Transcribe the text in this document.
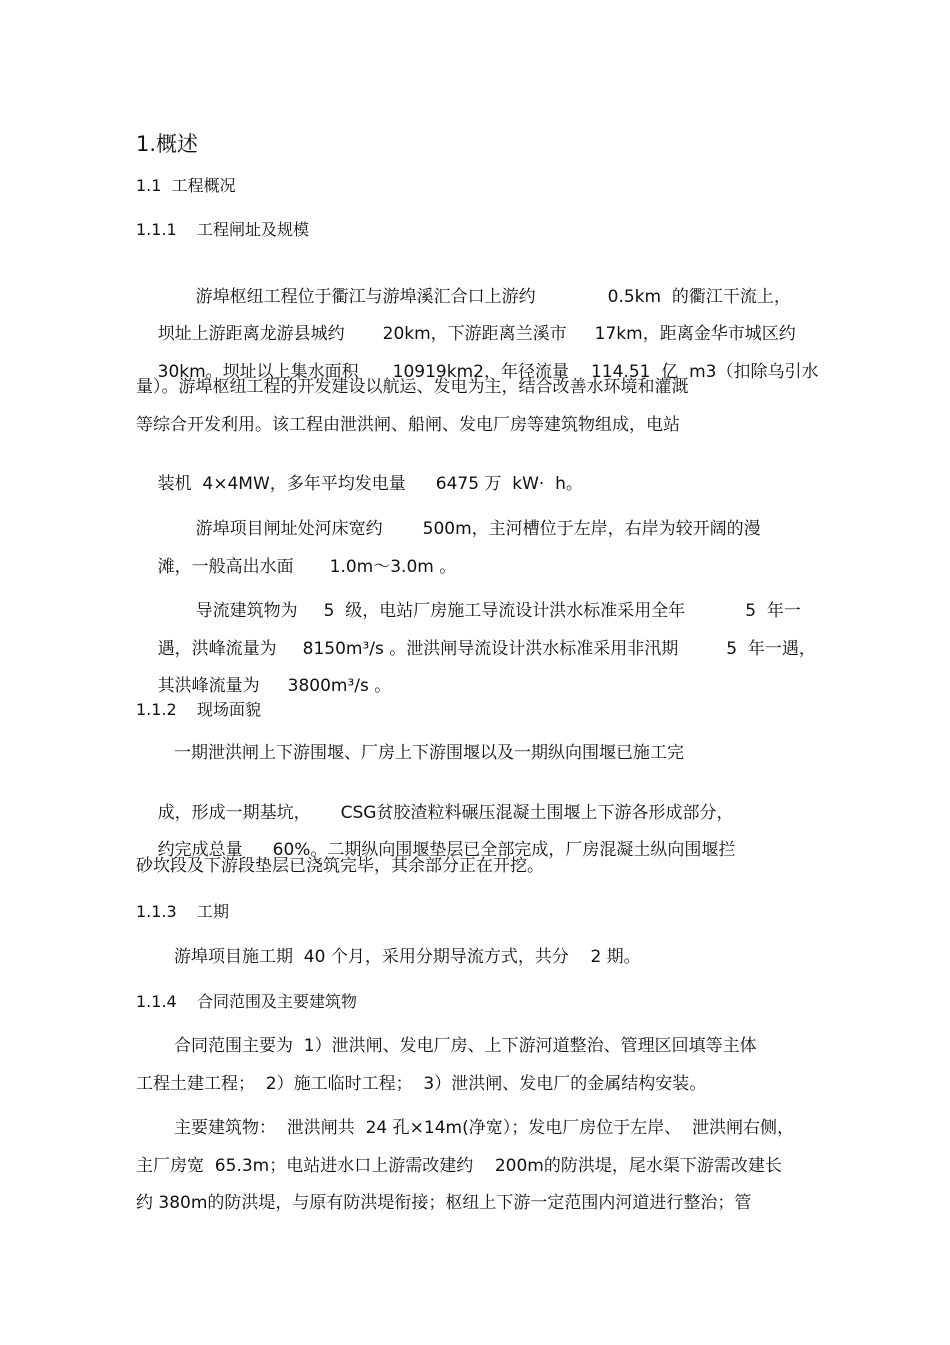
1.概述
1.1  工程概况
1.1.1    工程闸址及规模

游埠枢纽工程位于衢江与游埠溪汇合口上游约	0.5km  的衢江干流上，

坝址上游距离龙游县城约 20km，下游距离兰溪市 17km，距离金华市城区约

30km。坝址以上集水面积 10919km2，年径流量 114.51  亿  m3（扣除乌引水

量）。游埠枢纽工程的开发建设以航运、发电为主，结合改善水环境和灌溉
等综合开发利用。该工程由泄洪闸、船闸、发电厂房等建筑物组成，电站

装机  4×4MW，多年平均发电量 6475 万  kW·  h。

游埠项目闸址处河床宽约 500m，主河槽位于左岸，右岸为较开阔的漫

滩，一般高出水面 1.0m～3.0m 。

导流建筑物为 5  级，电站厂房施工导流设计洪水标准采用全年	5  年一

遇，洪峰流量为 8150m³/s 。泄洪闸导流设计洪水标准采用非汛期	5  年一遇，

其洪峰流量为 3800m³/s 。

1.1.2    现场面貌
一期泄洪闸上下游围堰、厂房上下游围堰以及一期纵向围堰已施工完

成，形成一期基坑， CSG贫胶渣粒料碾压混凝土围堰上下游各形成部分，

约完成总量 60%。二期纵向围堰垫层已全部完成，厂房混凝土纵向围堰拦

砂坎段及下游段垫层已浇筑完毕，其余部分正在开挖。
1.1.3    工期
游埠项目施工期  40 个月，采用分期导流方式，共分    2 期。
1.1.4    合同范围及主要建筑物
合同范围主要为  1）泄洪闸、发电厂房、上下游河道整治、管理区回填等主体
工程土建工程；  2）施工临时工程；  3）泄洪闸、发电厂的金属结构安装。
主要建筑物：  泄洪闸共  24 孔×14m(净宽）；发电厂房位于左岸、  泄洪闸右侧，
主厂房宽  65.3m；电站进水口上游需改建约    200m的防洪堤，尾水渠下游需改建长
约 380m的防洪堤，与原有防洪堤衔接；枢纽上下游一定范围内河道进行整治；管
